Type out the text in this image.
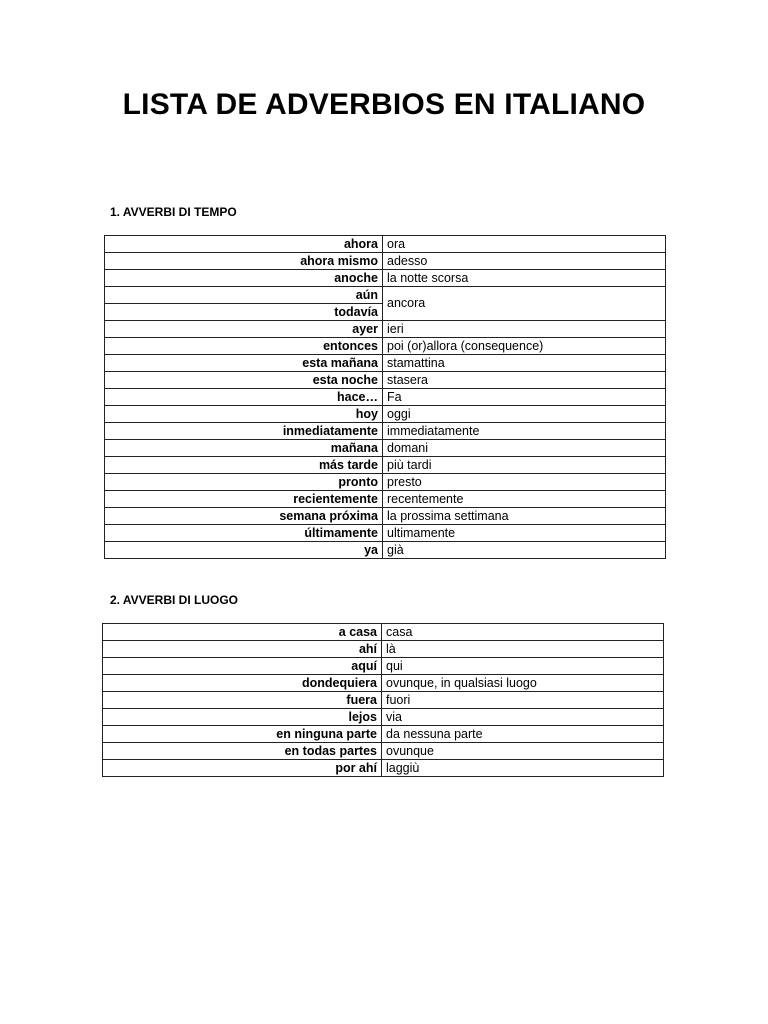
LISTA DE ADVERBIOS EN ITALIANO
1. AVVERBI DI TEMPO
ahora	ora
ahora mismo	adesso
anoche	la notte scorsa
aún	ancora
todavía	
ayer	ieri
entonces	poi (or)allora (consequence)
esta mañana	stamattina
esta noche	stasera
hace…	Fa
hoy	oggi
inmediatamente	immediatamente
mañana	domani
más tarde	più tardi
pronto	presto
recientemente	recentemente
semana próxima	la prossima settimana
últimamente	ultimamente
ya	già
2. AVVERBI DI LUOGO
a casa	casa
ahí	là
aquí	qui
dondequiera	ovunque, in qualsiasi luogo
fuera	fuori
lejos	via
en ninguna parte	da nessuna parte
en todas partes	ovunque
por ahí	laggiù
